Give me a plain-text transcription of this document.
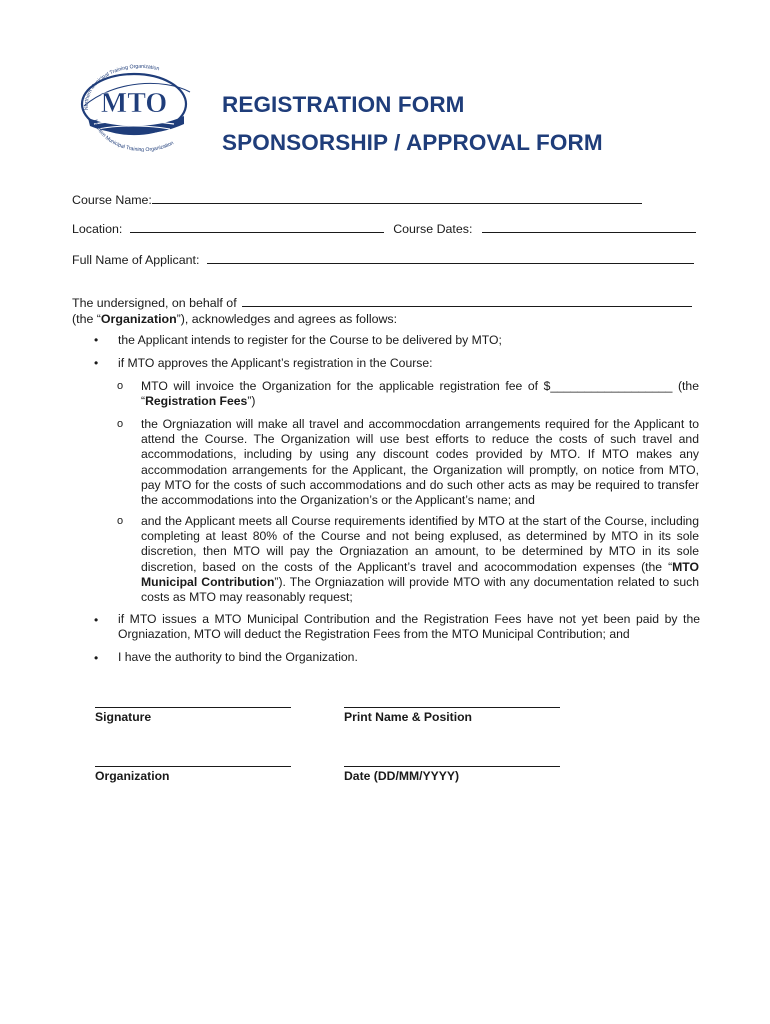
MTO
Northern Municipal Training Organization
Northern Municipal Training Organization
REGISTRATION FORM
SPONSORSHIP / APPROVAL FORM
Course Name:
Location:	Course Dates:
Full Name of Applicant:
The undersigned, on behalf of
(the “Organization”), acknowledges and agrees as follows:
• the Applicant intends to register for the Course to be delivered by MTO;
• if MTO approves the Applicant’s registration in the Course:
o MTO will invoice the Organization for the applicable registration fee of $__________________ (the “Registration Fees”)
o the Orgniazation will make all travel and accommocdation arrangements required for the Applicant to attend the Course. The Organization will use best efforts to reduce the costs of such travel and accommodations, including by using any discount codes provided by MTO. If MTO makes any accommodation arrangements for the Applicant, the Organization will promptly, on notice from MTO, pay MTO for the costs of such accommodations and do such other acts as may be required to transfer the accommodations into the Organization’s or the Applicant’s name; and
o and the Applicant meets all Course requirements identified by MTO at the start of the Course, including completing at least 80% of the Course and not being explused, as determined by MTO in its sole discretion, then MTO will pay the Orgniazation an amount, to be determined by MTO in its sole discretion, based on the costs of the Applicant’s travel and acocommodation expenses (the “MTO Municipal Contribution”). The Orgniazation will provide MTO with any documentation related to such costs as MTO may reasonably request;
• if MTO issues a MTO Municipal Contribution and the Registration Fees have not yet been paid by the Orgniazation, MTO will deduct the Registration Fees from the MTO Municipal Contribution; and
• I have the authority to bind the Organization.
Signature	Print Name & Position
Organization	Date (DD/MM/YYYY)
